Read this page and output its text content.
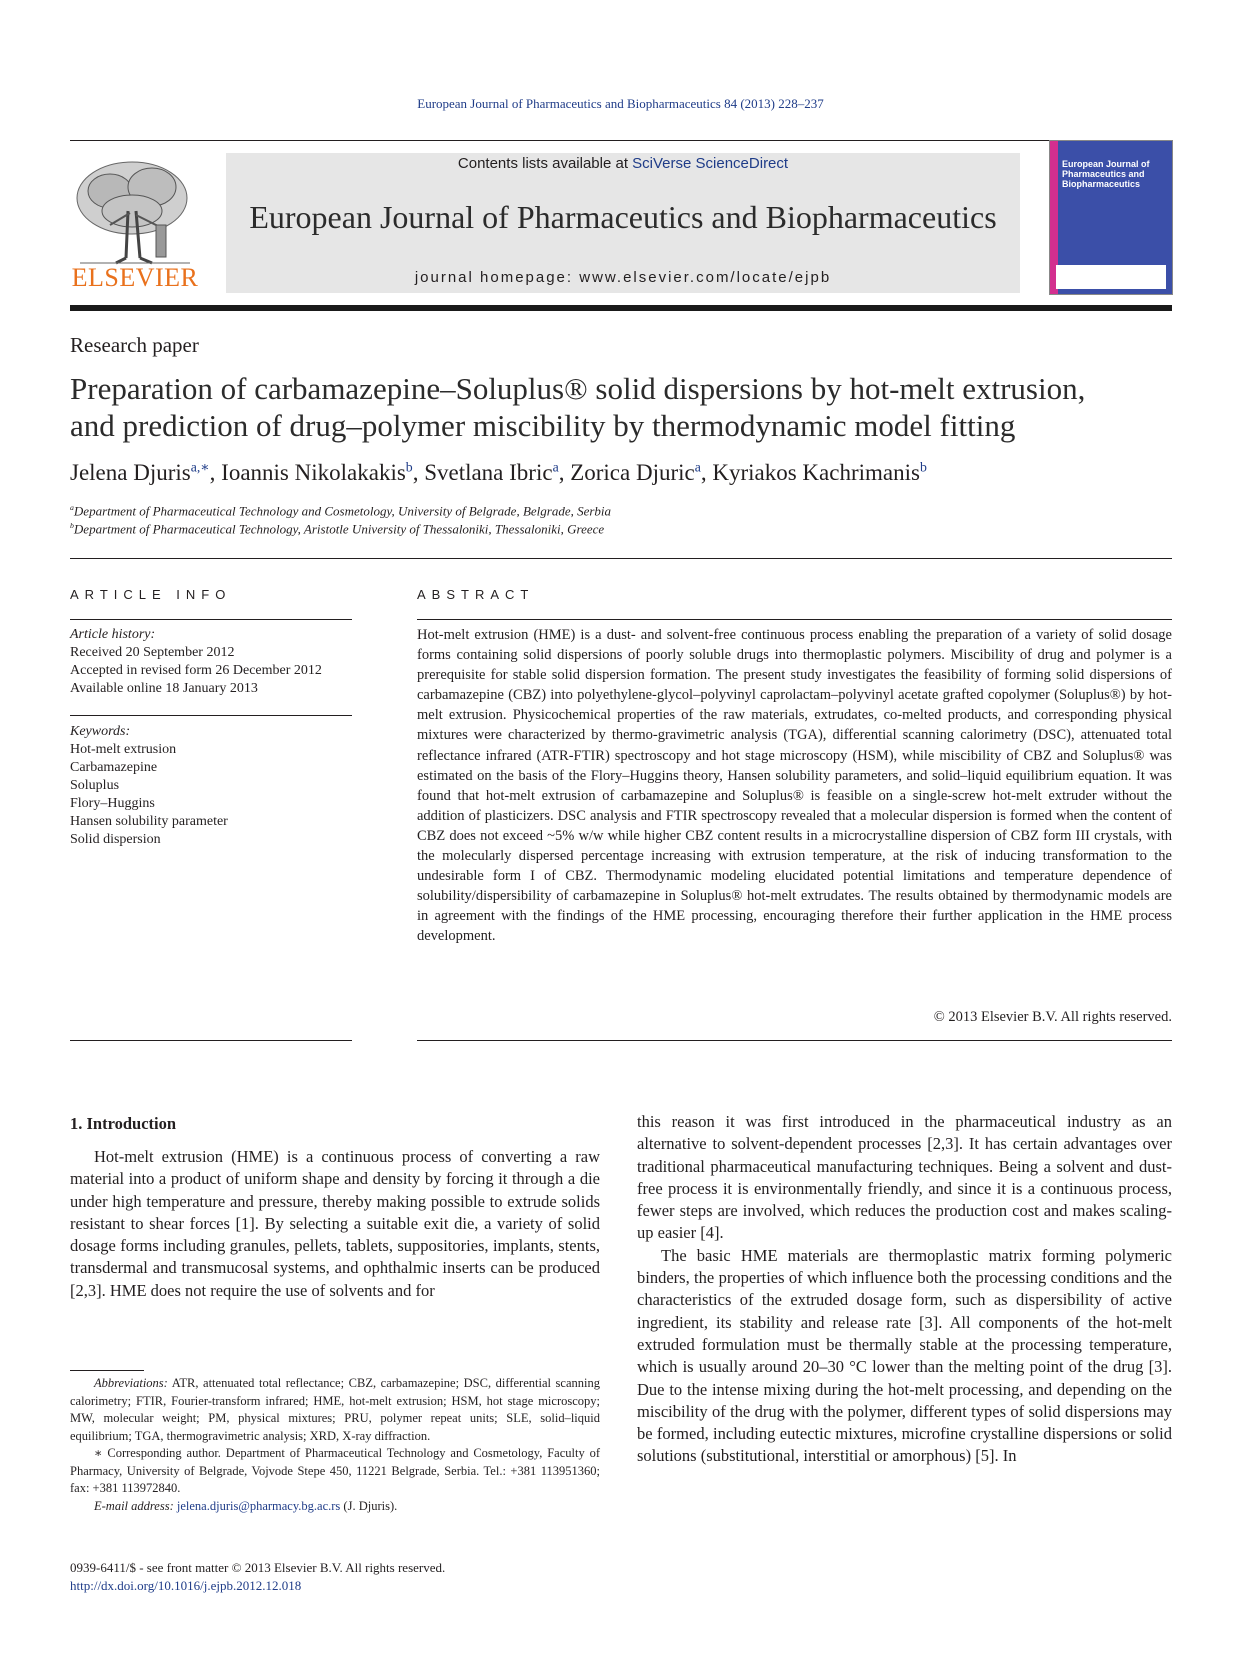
European Journal of Pharmaceutics and Biopharmaceutics 84 (2013) 228–237
ELSEVIER
Contents lists available at SciVerse ScienceDirect
European Journal of Pharmaceutics and Biopharmaceutics
journal homepage: www.elsevier.com/locate/ejpb
European Journal of Pharmaceutics and Biopharmaceutics
Research paper
Preparation of carbamazepine–Soluplus® solid dispersions by hot-melt extrusion,
and prediction of drug–polymer miscibility by thermodynamic model fitting
Jelena Djuris$^{a,∗}$, Ioannis Nikolakakis$^b$, Svetlana Ibric$^a$, Zorica Djuric$^a$, Kyriakos Kachrimanis$^b$
$^a$Department of Pharmaceutical Technology and Cosmetology, University of Belgrade, Belgrade, Serbia
$^b$Department of Pharmaceutical Technology, Aristotle University of Thessaloniki, Thessaloniki, Greece
ARTICLE INFO	ABSTRACT
Article history:
Received 20 September 2012
Accepted in revised form 26 December 2012
Available online 18 January 2013
Keywords:
Hot-melt extrusion
Carbamazepine
Soluplus
Flory–Huggins
Hansen solubility parameter
Solid dispersion
Hot-melt extrusion (HME) is a dust- and solvent-free continuous process enabling the preparation of a variety of solid dosage forms containing solid dispersions of poorly soluble drugs into thermoplastic polymers. Miscibility of drug and polymer is a prerequisite for stable solid dispersion formation. The present study investigates the feasibility of forming solid dispersions of carbamazepine (CBZ) into polyethylene-glycol–polyvinyl caprolactam–polyvinyl acetate grafted copolymer (Soluplus®) by hot-melt extrusion. Physicochemical properties of the raw materials, extrudates, co-melted products, and corresponding physical mixtures were characterized by thermo-gravimetric analysis (TGA), differential scanning calorimetry (DSC), attenuated total reflectance infrared (ATR-FTIR) spectroscopy and hot stage microscopy (HSM), while miscibility of CBZ and Soluplus® was estimated on the basis of the Flory–Huggins theory, Hansen solubility parameters, and solid–liquid equilibrium equation. It was found that hot-melt extrusion of carbamazepine and Soluplus® is feasible on a single-screw hot-melt extruder without the addition of plasticizers. DSC analysis and FTIR spectroscopy revealed that a molecular dispersion is formed when the content of CBZ does not exceed ~5% w/w while higher CBZ content results in a microcrystalline dispersion of CBZ form III crystals, with the molecularly dispersed percentage increasing with extrusion temperature, at the risk of inducing transformation to the undesirable form I of CBZ. Thermodynamic modeling elucidated potential limitations and temperature dependence of solubility/dispersibility of carbamazepine in Soluplus® hot-melt extrudates. The results obtained by thermodynamic models are in agreement with the findings of the HME processing, encouraging therefore their further application in the HME process development.
© 2013 Elsevier B.V. All rights reserved.
1. Introduction
Hot-melt extrusion (HME) is a continuous process of converting a raw material into a product of uniform shape and density by forcing it through a die under high temperature and pressure, thereby making possible to extrude solids resistant to shear forces [1]. By selecting a suitable exit die, a variety of solid dosage forms including granules, pellets, tablets, suppositories, implants, stents, transdermal and transmucosal systems, and ophthalmic inserts can be produced [2,3]. HME does not require the use of solvents and for

this reason it was first introduced in the pharmaceutical industry as an alternative to solvent-dependent processes [2,3]. It has certain advantages over traditional pharmaceutical manufacturing techniques. Being a solvent and dust-free process it is environmentally friendly, and since it is a continuous process, fewer steps are involved, which reduces the production cost and makes scaling-up easier [4].

The basic HME materials are thermoplastic matrix forming polymeric binders, the properties of which influence both the processing conditions and the characteristics of the extruded dosage form, such as dispersibility of active ingredient, its stability and release rate [3]. All components of the hot-melt extruded formulation must be thermally stable at the processing temperature, which is usually around 20–30 °C lower than the melting point of the drug [3]. Due to the intense mixing during the hot-melt processing, and depending on the miscibility of the drug with the polymer, different types of solid dispersions may be formed, including eutectic mixtures, microfine crystalline dispersions or solid solutions (substitutional, interstitial or amorphous) [5]. In

Abbreviations: ATR, attenuated total reflectance; CBZ, carbamazepine; DSC, differential scanning calorimetry; FTIR, Fourier-transform infrared; HME, hot-melt extrusion; HSM, hot stage microscopy; MW, molecular weight; PM, physical mixtures; PRU, polymer repeat units; SLE, solid–liquid equilibrium; TGA, thermogravimetric analysis; XRD, X-ray diffraction.

∗ Corresponding author. Department of Pharmaceutical Technology and Cosmetology, Faculty of Pharmacy, University of Belgrade, Vojvode Stepe 450, 11221 Belgrade, Serbia. Tel.: +381 113951360; fax: +381 113972840.

E-mail address: jelena.djuris@pharmacy.bg.ac.rs (J. Djuris).

0939-6411/$ - see front matter © 2013 Elsevier B.V. All rights reserved.
http://dx.doi.org/10.1016/j.ejpb.2012.12.018
